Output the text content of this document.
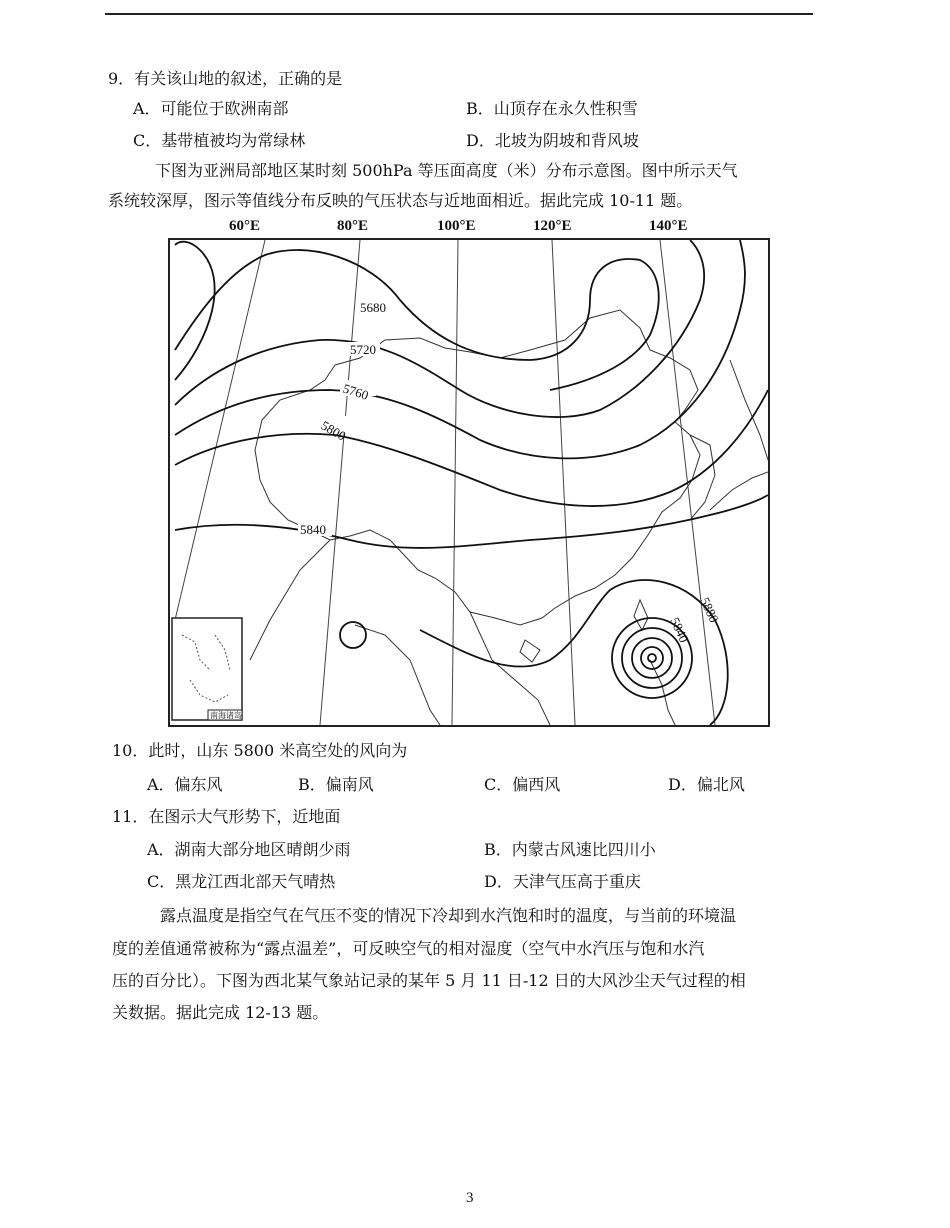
9．有关该山地的叙述，正确的是
A．可能位于欧洲南部	B．山顶存在永久性积雪
C．基带植被均为常绿林	D．北坡为阴坡和背风坡
下图为亚洲局部地区某时刻 500hPa 等压面高度（米）分布示意图。图中所示天气
系统较深厚，图示等值线分布反映的气压状态与近地面相近。据此完成 10-11 题。
60°E	80°E	100°E	120°E	140°E
5680
5720
5760
5800
5840
5840
5880
南海诸岛
10．此时，山东 5800 米高空处的风向为
A．偏东风	B．偏南风	C．偏西风	D．偏北风
11．在图示大气形势下，近地面
A．湖南大部分地区晴朗少雨	B．内蒙古风速比四川小
C．黑龙江西北部天气晴热	D．天津气压高于重庆
露点温度是指空气在气压不变的情况下冷却到水汽饱和时的温度，与当前的环境温
度的差值通常被称为“露点温差”，可反映空气的相对湿度（空气中水汽压与饱和水汽
压的百分比）。下图为西北某气象站记录的某年 5 月 11 日-12 日的大风沙尘天气过程的相
关数据。据此完成 12-13 题。
3
